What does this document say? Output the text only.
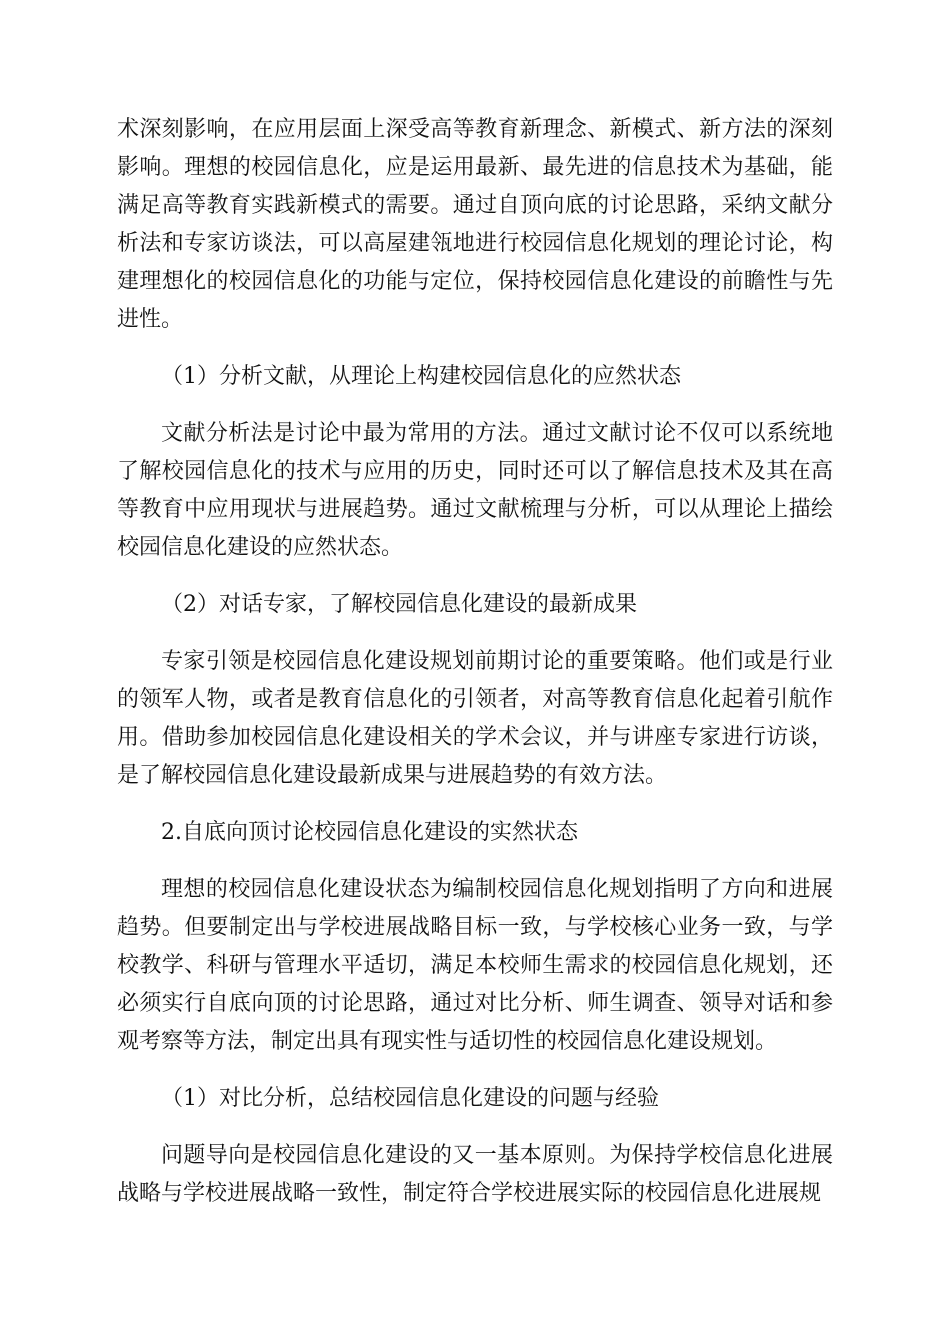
术深刻影响，在应用层面上深受高等教育新理念、新模式、新方法的深刻影响。理想的校园信息化，应是运用最新、最先进的信息技术为基础，能满足高等教育实践新模式的需要。通过自顶向底的讨论思路，采纳文献分析法和专家访谈法，可以高屋建瓴地进行校园信息化规划的理论讨论，构建理想化的校园信息化的功能与定位，保持校园信息化建设的前瞻性与先进性。

（1）分析文献，从理论上构建校园信息化的应然状态

文献分析法是讨论中最为常用的方法。通过文献讨论不仅可以系统地了解校园信息化的技术与应用的历史，同时还可以了解信息技术及其在高等教育中应用现状与进展趋势。通过文献梳理与分析，可以从理论上描绘校园信息化建设的应然状态。

（2）对话专家，了解校园信息化建设的最新成果

专家引领是校园信息化建设规划前期讨论的重要策略。他们或是行业的领军人物，或者是教育信息化的引领者，对高等教育信息化起着引航作用。借助参加校园信息化建设相关的学术会议，并与讲座专家进行访谈，是了解校园信息化建设最新成果与进展趋势的有效方法。

2.自底向顶讨论校园信息化建设的实然状态

理想的校园信息化建设状态为编制校园信息化规划指明了方向和进展趋势。但要制定出与学校进展战略目标一致，与学校核心业务一致，与学校教学、科研与管理水平适切，满足本校师生需求的校园信息化规划，还必须实行自底向顶的讨论思路，通过对比分析、师生调查、领导对话和参观考察等方法，制定出具有现实性与适切性的校园信息化建设规划。

（1）对比分析，总结校园信息化建设的问题与经验

问题导向是校园信息化建设的又一基本原则。为保持学校信息化进展战略与学校进展战略一致性，制定符合学校进展实际的校园信息化进展规
